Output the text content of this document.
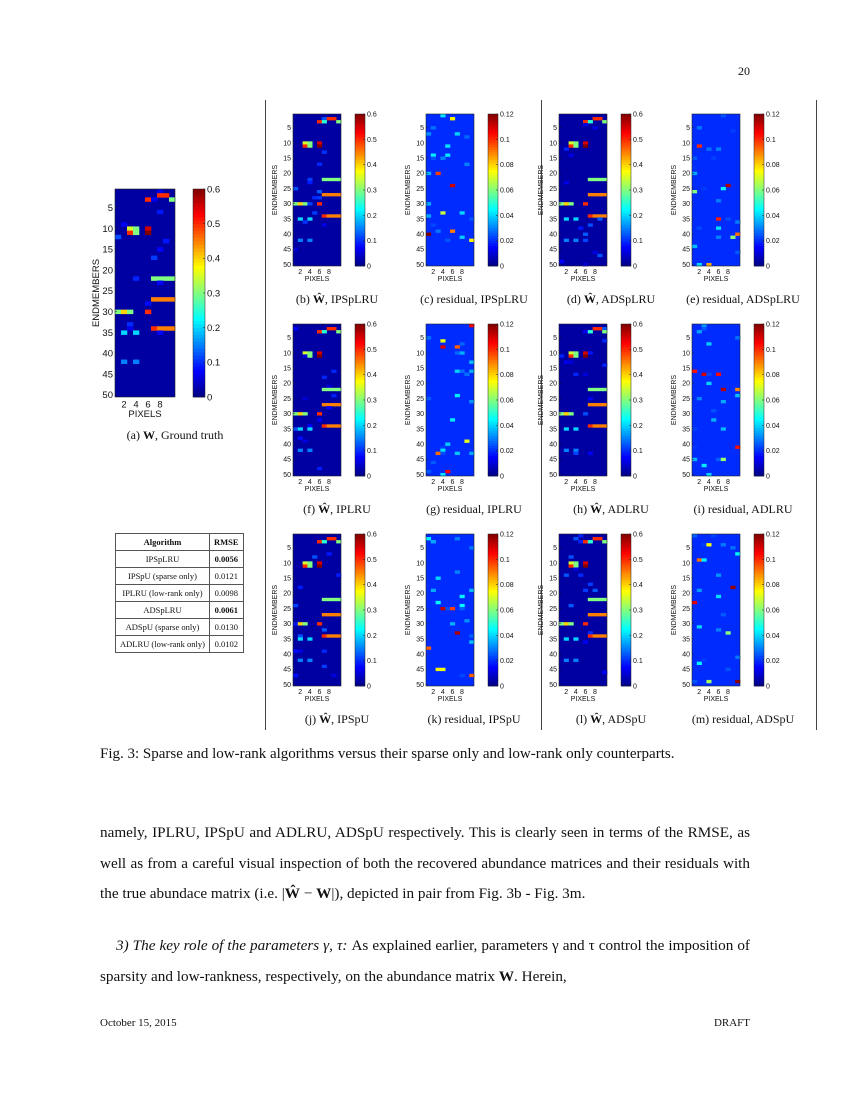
20
5
10
15
20
25
30
35
40
45
50
ENDMEMBERS
2 4 6 8
PIXELS
0
0.1
0.2
0.3
0.4
0.5
0.6
5
10
15
20
25
30
35
40
45
50
ENDMEMBERS
2 4 6 8
PIXELS
0
0.1
0.2
0.3
0.4
0.5
0.6
5
10
15
20
25
30
35
40
45
50
ENDMEMBERS
2 4 6 8
PIXELS
0
0.02
0.04
0.06
0.08
0.1
0.12
5
10
15
20
25
30
35
40
45
50
ENDMEMBERS
2 4 6 8
PIXELS
0
0.1
0.2
0.3
0.4
0.5
0.6
5
10
15
20
25
30
35
40
45
50
ENDMEMBERS
2 4 6 8
PIXELS
0
0.02
0.04
0.06
0.08
0.1
0.12
5
10
15
20
25
30
35
40
45
50
ENDMEMBERS
2 4 6 8
PIXELS
0
0.1
0.2
0.3
0.4
0.5
0.6
5
10
15
20
25
30
35
40
45
50
ENDMEMBERS
2 4 6 8
PIXELS
0
0.02
0.04
0.06
0.08
0.1
0.12
5
10
15
20
25
30
35
40
45
50
ENDMEMBERS
2 4 6 8
PIXELS
0
0.1
0.2
0.3
0.4
0.5
0.6
5
10
15
20
25
30
35
40
45
50
ENDMEMBERS
2 4 6 8
PIXELS
0
0.02
0.04
0.06
0.08
0.1
0.12
5
10
15
20
25
30
35
40
45
50
ENDMEMBERS
2 4 6 8
PIXELS
0
0.1
0.2
0.3
0.4
0.5
0.6
5
10
15
20
25
30
35
40
45
50
ENDMEMBERS
2 4 6 8
PIXELS
0
0.02
0.04
0.06
0.08
0.1
0.12
5
10
15
20
25
30
35
40
45
50
ENDMEMBERS
2 4 6 8
PIXELS
0
0.1
0.2
0.3
0.4
0.5
0.6
5
10
15
20
25
30
35
40
45
50
ENDMEMBERS
2 4 6 8
PIXELS
0
0.02
0.04
0.06
0.08
0.1
0.12
Algorithm	RMSE
IPSpLRU	0.0056
IPSpU (sparse only)	0.0121
IPLRU (low-rank only)	0.0098
ADSpLRU	0.0061
ADSpU (sparse only)	0.0130
ADLRU (low-rank only)	0.0102
Fig. 3: Sparse and low-rank algorithms versus their sparse only and low-rank only counterparts.
namely, IPLRU, IPSpU and ADLRU, ADSpU respectively. This is clearly seen in terms of the RMSE, as well as from a careful visual inspection of both the recovered abundance matrices and their residuals with the true abundace matrix (i.e. |Ŵ − W|), depicted in pair from Fig. 3b - Fig. 3m.
3) The key role of the parameters γ, τ: As explained earlier, parameters γ and τ control the imposition of sparsity and low-rankness, respectively, on the abundance matrix W. Herein,
October 15, 2015	DRAFT
(a) W, Ground truth
(b) Ŵ, IPSpLRU	(c) residual, IPSpLRU	(d) Ŵ, ADSpLRU	(e) residual, ADSpLRU
(f) Ŵ, IPLRU	(g) residual, IPLRU	(h) Ŵ, ADLRU	(i) residual, ADLRU
(j) Ŵ, IPSpU	(k) residual, IPSpU	(l) Ŵ, ADSpU	(m) residual, ADSpU
